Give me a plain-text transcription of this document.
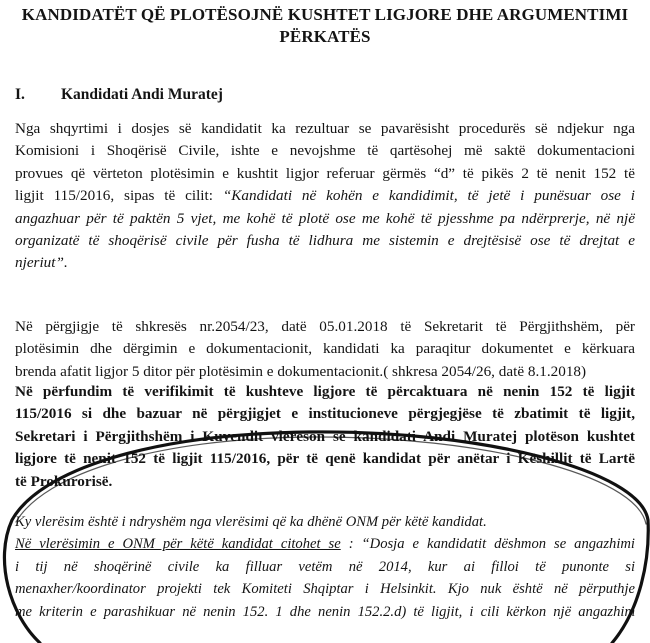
KANDIDATËT QË PLOTËSOJNË KUSHTET LIGJORE DHE ARGUMENTIMI
PËRKATËS
I. Kandidati Andi Muratej
Nga shqyrtimi i dosjes së kandidatit ka rezultuar se pavarësisht procedurës së ndjekur nga
Komisioni i Shoqërisë Civile, ishte e nevojshme të qartësohej më saktë dokumentacioni
provues që vërteton plotësimin e kushtit ligjor referuar gërmës “d” të pikës 2 të nenit 152 të
ligjit 115/2016, sipas të cilit: “Kandidati në kohën e kandidimit, të jetë i punësuar ose i
angazhuar për të paktën 5 vjet, me kohë të plotë ose me kohë të pjesshme pa ndërprerje, në një
organizatë të shoqërisë civile për fusha të lidhura me sistemin e drejtësisë ose të drejtat e
njeriut”.
Në përgjigje të shkresës nr.2054/23, datë 05.01.2018 të Sekretarit të Përgjithshëm, për
plotësimin dhe dërgimin e dokumentacionit, kandidati ka paraqitur dokumentet e kërkuara
brenda afatit ligjor 5 ditor për plotësimin e dokumentacionit.( shkresa 2054/26, datë 8.1.2018)
Në përfundim të verifikimit të kushteve ligjore të përcaktuara në nenin 152 të ligjit
115/2016 si dhe bazuar në përgjigjet e institucioneve përgjegjëse të zbatimit të ligjit,
Sekretari i Përgjithshëm i Kuvendit vlerëson se kandidati Andi Muratej plotëson kushtet
ligjore të nenit 152 të ligjit 115/2016, për të qenë kandidat për anëtar i Këshillit të Lartë
të Prokurorisë.
Ky vlerësim është i ndryshëm nga vlerësimi që ka dhënë ONM për këtë kandidat.
Në vlerësimin e ONM për këtë kandidat citohet se : “Dosja e kandidatit dëshmon se angazhimi
i tij në shoqërinë civile ka filluar vetëm në 2014, kur ai filloi të punonte si
menaxher/koordinator projekti tek Komiteti Shqiptar i Helsinkit. Kjo nuk është në përputhje
me kriterin e parashikuar në nenin 152. 1 dhe nenin 152.2.d) të ligjit, i cili kërkon një angazhim
